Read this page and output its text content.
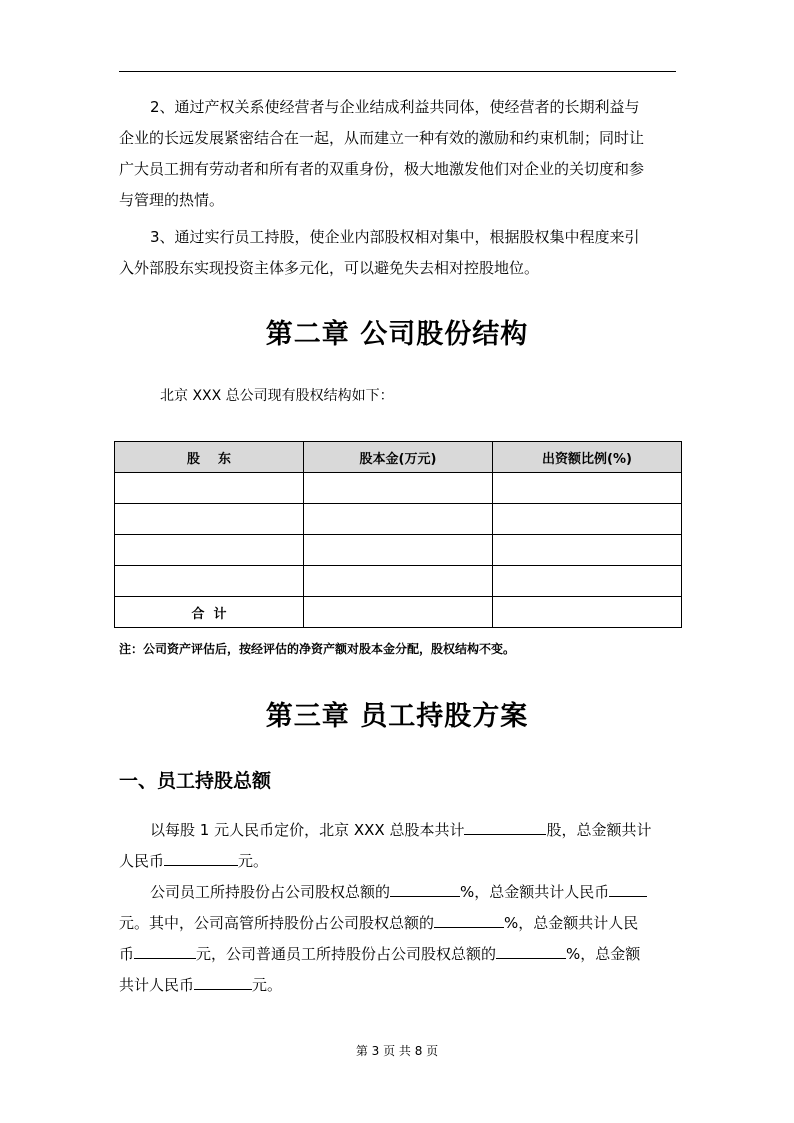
2、通过产权关系使经营者与企业结成利益共同体，使经营者的长期利益与
企业的长远发展紧密结合在一起，从而建立一种有效的激励和约束机制；同时让
广大员工拥有劳动者和所有者的双重身份，极大地激发他们对企业的关切度和参
与管理的热情。
3、通过实行员工持股，使企业内部股权相对集中，根据股权集中程度来引
入外部股东实现投资主体多元化，可以避免失去相对控股地位。
第二章 公司股份结构

北京 XXX 总公司现有股权结构如下：

股    东	股本金(万元)	出资额比例(%)

合  计		

注：公司资产评估后，按经评估的净资产额对股本金分配，股权结构不变。

第三章 员工持股方案
一、员工持股总额
以每股 1 元人民币定价，北京 XXX 总股本共计	股，总金额共计
人民币	元。
公司员工所持股份占公司股权总额的	%，总金额共计人民币
元。其中，公司高管所持股份占公司股权总额的	%，总金额共计人民
币	元，公司普通员工所持股份占公司股权总额的	%，总金额
共计人民币	元。

第 3 页 共 8 页
